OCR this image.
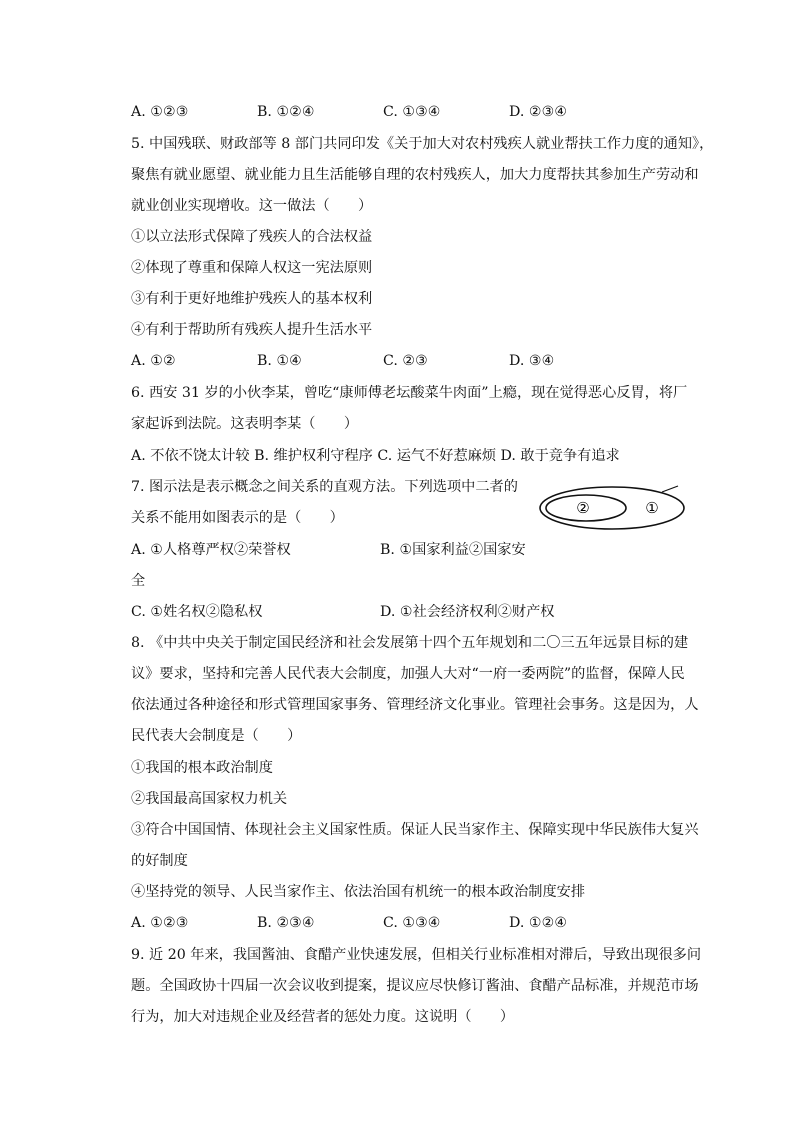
A. ①②③	B. ①②④	C. ①③④	D. ②③④
5. 中国残联、财政部等 8 部门共同印发《关于加大对农村残疾人就业帮扶工作力度的通知》，
聚焦有就业愿望、就业能力且生活能够自理的农村残疾人，加大力度帮扶其参加生产劳动和
就业创业实现增收。这一做法（　　）
①以立法形式保障了残疾人的合法权益
②体现了尊重和保障人权这一宪法原则
③有利于更好地维护残疾人的基本权利
④有利于帮助所有残疾人提升生活水平
A. ①②	B. ①④	C. ②③	D. ③④
6. 西安 31 岁的小伙李某，曾吃“康师傅老坛酸菜牛肉面”上瘾，现在觉得恶心反胃，将厂
家起诉到法院。这表明李某（　　）
A. 不依不饶太计较 B. 维护权利守程序 C. 运气不好惹麻烦 D. 敢于竞争有追求
7. 图示法是表示概念之间关系的直观方法。下列选项中二者的
关系不能用如图表示的是（　　）
②	①
A. ①人格尊严权②荣誉权	B. ①国家利益②国家安
全
C. ①姓名权②隐私权	D. ①社会经济权利②财产权
8. 《中共中央关于制定国民经济和社会发展第十四个五年规划和二〇三五年远景目标的建
议》要求，坚持和完善人民代表大会制度，加强人大对“一府一委两院”的监督，保障人民
依法通过各种途径和形式管理国家事务、管理经济文化事业。管理社会事务。这是因为，人
民代表大会制度是（　　）
①我国的根本政治制度
②我国最高国家权力机关
③符合中国国情、体现社会主义国家性质。保证人民当家作主、保障实现中华民族伟大复兴
的好制度
④坚持党的领导、人民当家作主、依法治国有机统一的根本政治制度安排
A. ①②③	B. ②③④	C. ①③④	D. ①②④
9. 近 20 年来，我国酱油、食醋产业快速发展，但相关行业标准相对滞后，导致出现很多问
题。全国政协十四届一次会议收到提案，提议应尽快修订酱油、食醋产品标准，并规范市场
行为，加大对违规企业及经营者的惩处力度。这说明（　　）
